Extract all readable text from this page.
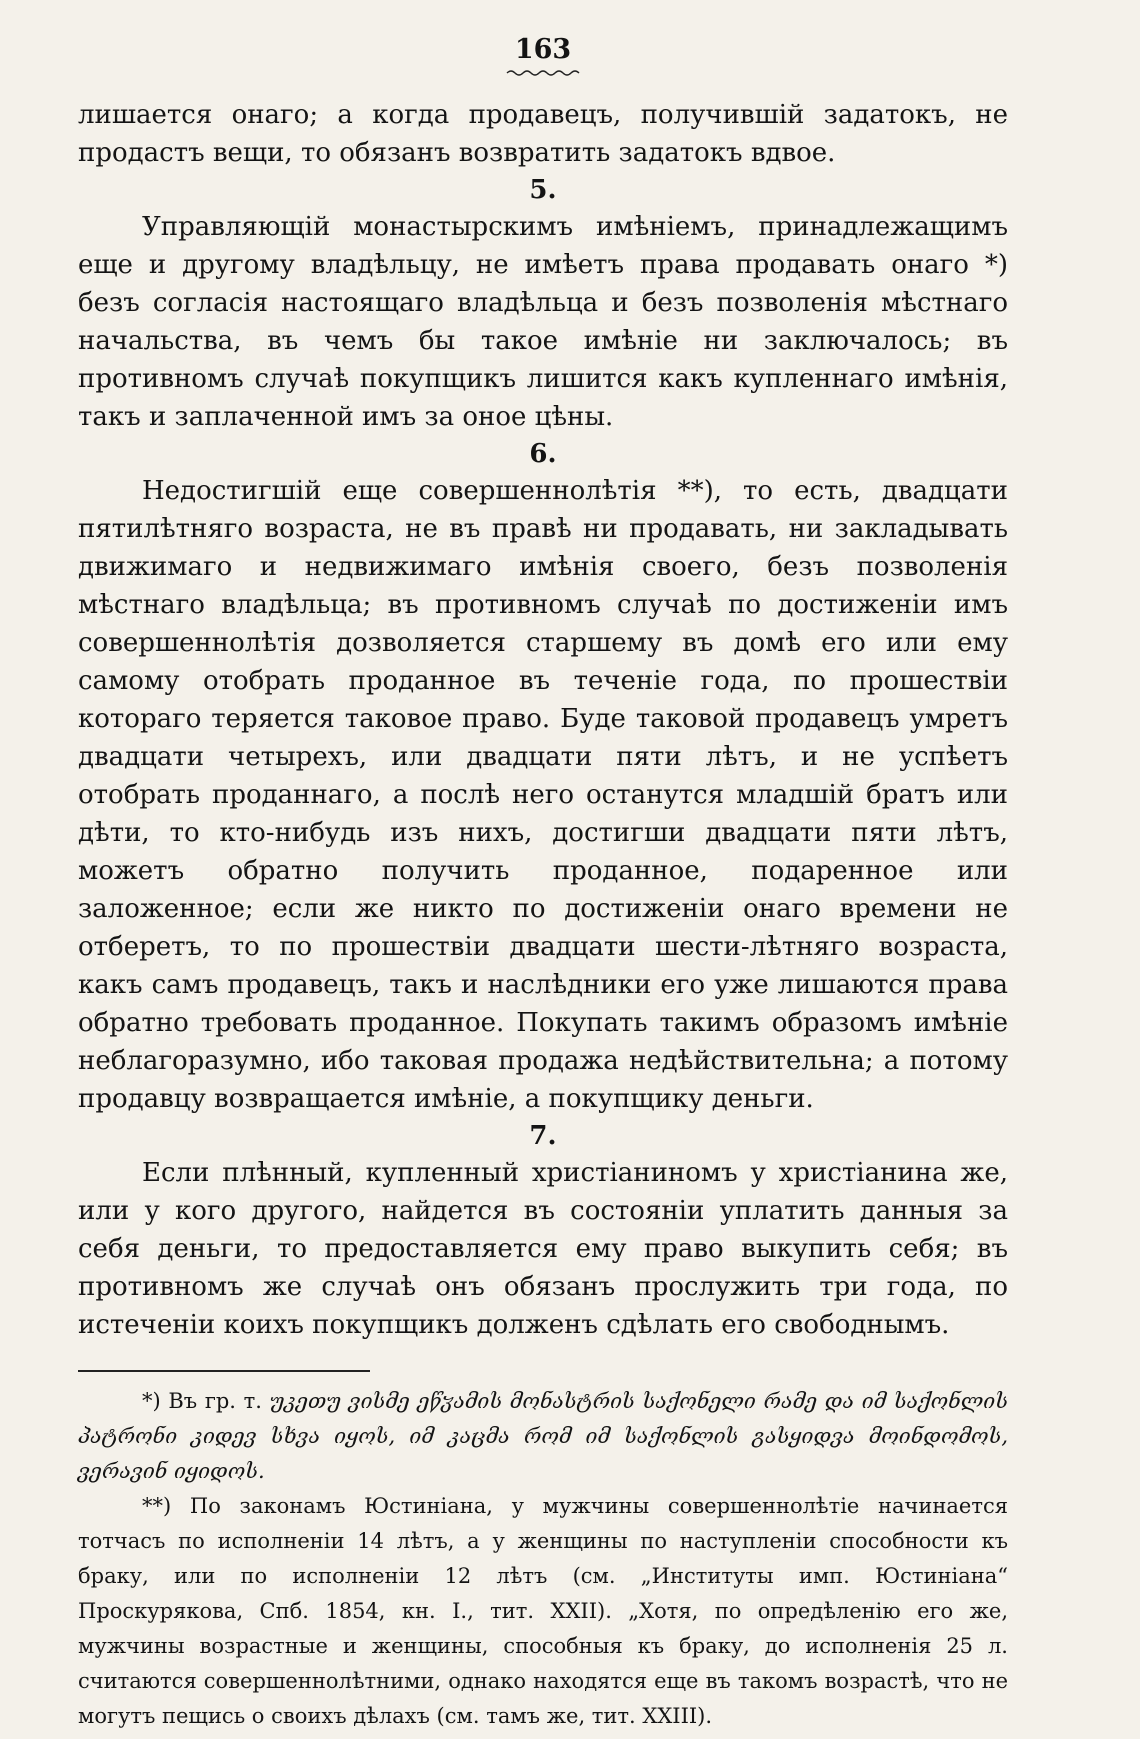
163

лишается онаго; а когда продавецъ, получившiй задатокъ, не продастъ вещи, то обязанъ возвратить задатокъ вдвое.

5.

Управляющiй монастырскимъ имѣнiемъ, принадлежащимъ еще и другому владѣльцу, не имѣетъ права продавать онаго *) безъ согласiя настоящаго владѣльца и безъ позволенiя мѣстнаго начальства, въ чемъ бы такое имѣнiе ни заключалось; въ противномъ случаѣ покупщикъ лишится какъ купленнаго имѣнiя, такъ и заплаченной имъ за оное цѣны.

6.

Недостигшiй еще совершеннолѣтiя **), то есть, двадцати пятилѣтняго возраста, не въ правѣ ни продавать, ни закладывать движимаго и недвижимаго имѣнiя своего, безъ позволенiя мѣстнаго владѣльца; въ противномъ случаѣ по достиженiи имъ совершеннолѣтiя дозволяется старшему въ домѣ его или ему самому отобрать проданное въ теченiе года, по прошествiи котораго теряется таковое право. Буде таковой продавецъ умретъ двадцати четырехъ, или двадцати пяти лѣтъ, и не успѣетъ отобрать проданнаго, а послѣ него останутся младшiй братъ или дѣти, то кто-нибудь изъ нихъ, достигши двадцати пяти лѣтъ, можетъ обратно получить проданное, подаренное или заложенное; если же никто по достиженiи онаго времени не отберетъ, то по прошествiи двадцати шести-лѣтняго возраста, какъ самъ продавецъ, такъ и наслѣдники его уже лишаются права обратно требовать проданное. Покупать такимъ образомъ имѣнiе неблагоразумно, ибо таковая продажа недѣйствительна; а потому продавцу возвращается имѣнiе, а покупщику деньги.

7.

Если плѣнный, купленный христiаниномъ у христiанина же, или у кого другого, найдется въ состоянiи уплатить данныя за себя деньги, то предоставляется ему право выкупить себя; въ противномъ же случаѣ онъ обязанъ прослужить три года, по истеченiи коихъ покупщикъ долженъ сдѣлать его свободнымъ.

*) Въ гр. т. უკეთუ ვისმე ეწჳამის მონასტრის საქონელი რამე და იმ საქონლის პატრონი კიდევ სხვა იყოს, იმ კაცმა რომ იმ საქონლის გასყიდვა მოინდომოს, ვერავინ იყიდოს.

**) По законамъ Юстинiана, у мужчины совершеннолѣтiе начинается тотчасъ по исполненiи 14 лѣтъ, а у женщины по наступленiи способности къ браку, или по исполненiи 12 лѣтъ (см. „Институты имп. Юстинiана“ Проскурякова, Спб. 1854, кн. I., тит. XXII). „Хотя, по опредѣленiю его же, мужчины возрастные и женщины, способныя къ браку, до исполненiя 25 л. считаются совершеннолѣтними, однако находятся еще въ такомъ возрастѣ, что не могутъ пещись о своихъ дѣлахъ (см. тамъ же, тит. XXIII).
